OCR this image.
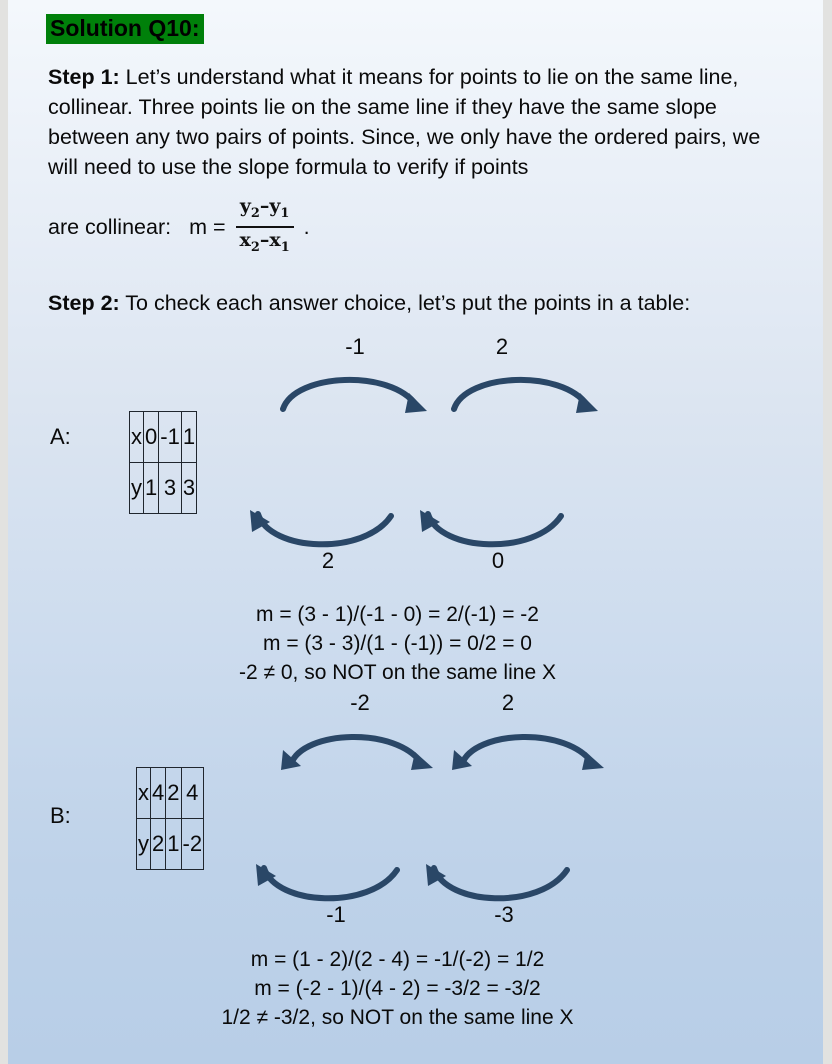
Solution Q10:
Step 1: Let’s understand what it means for points to lie on the same line, collinear. Three points lie on the same line if they have the same slope between any two pairs of points. Since, we only have the ordered pairs, we will need to use the slope formula to verify if points
are collinear: $m = \frac{y_2-y_1}{x_2-x_1}$ .
Step 2: To check each answer choice, let’s put the points in a table:
-1	2
A:	x	0	-1	1
y	1	3	3
2	0
m = (3 - 1)/(-1 - 0) = 2/(-1) = -2
m = (3 - 3)/(1 - (-1)) = 0/2 = 0
-2 ≠ 0, so NOT on the same line X
-2	2
B:
x	4	2	4
y	2	1	-2
-1	-3
m = (1 - 2)/(2 - 4) = -1/(-2) = 1/2
m = (-2 - 1)/(4 - 2) = -3/2 = -3/2
1/2 ≠ -3/2, so NOT on the same line X
